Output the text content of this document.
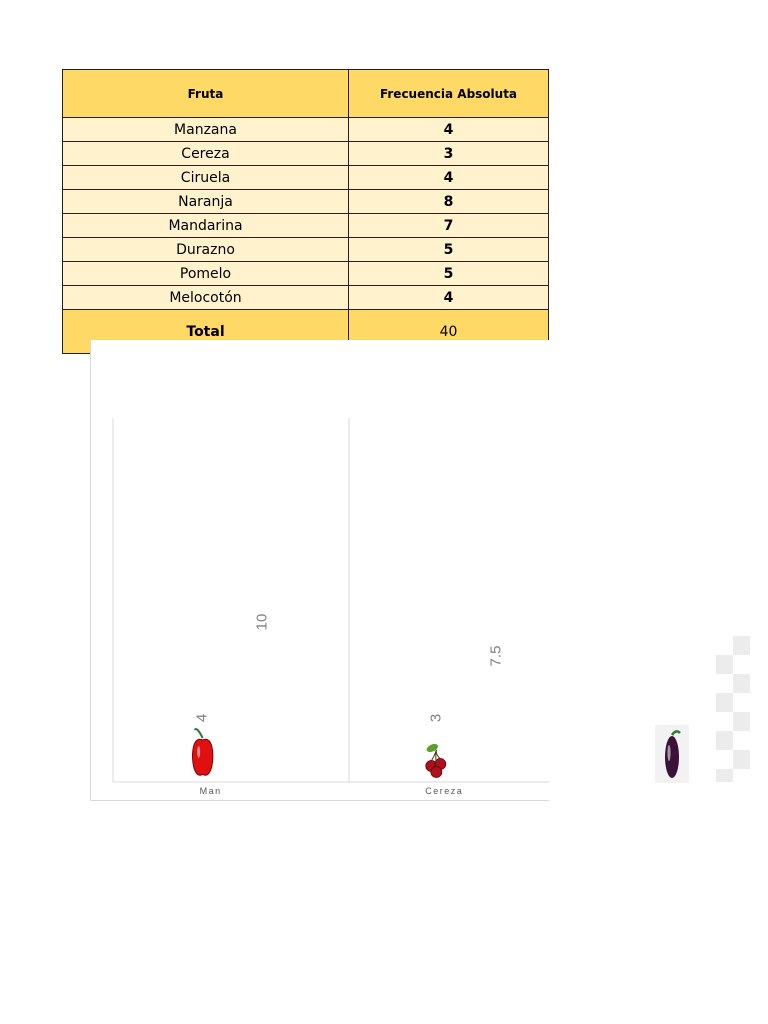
Fruta	Frecuencia Absoluta
Manzana	4
Cereza	3
Ciruela	4
Naranja	8
Mandarina	7
Durazno	5
Pomelo	5
Melocotón	4
Total	40
4
10
Man
3
7.5
Cereza
